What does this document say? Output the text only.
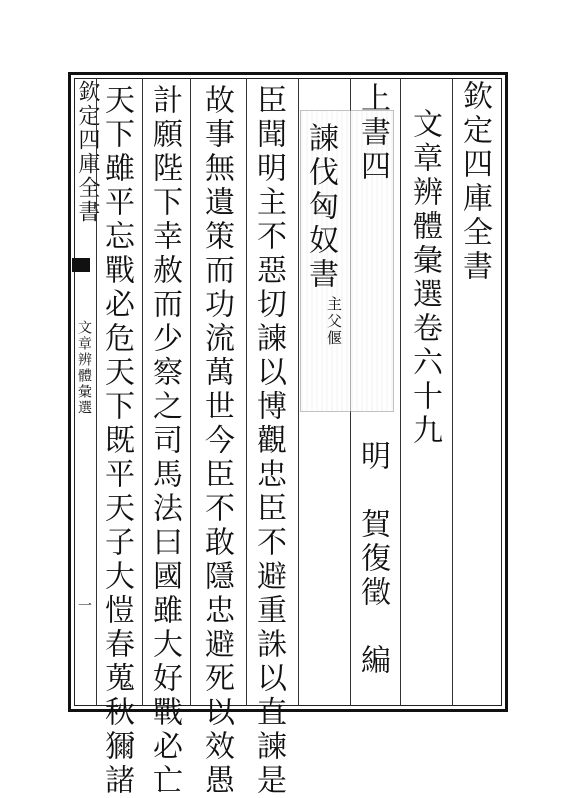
欽定四庫全書
文章辨體彙選
一
欽定四庫全書
文章辨體彙選卷六十九
上書四
明　賀復徵　編
諫伐匈奴書
主父偃
臣聞明主不惡切諫以博觀忠臣不避重誅以直諫是
故事無遺策而功流萬世今臣不敢隱忠避死以效愚
計願陛下幸赦而少察之司馬法曰國雖大好戰必亡
天下雖平忘戰必危天下既平天子大愷春蒐秋獮諸
